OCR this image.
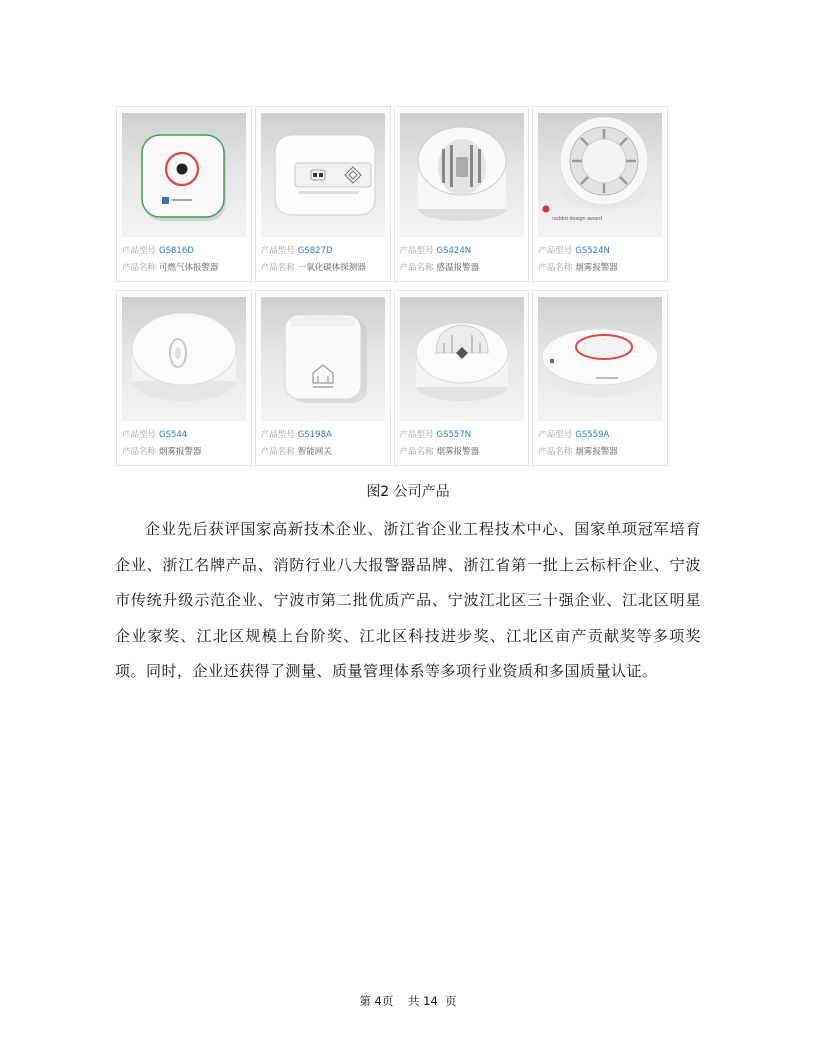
产品型号 GS816D
产品名称 可燃气体报警器
产品型号 GS827D
产品名称 一氧化碳体探测器
产品型号 GS424N
产品名称 感温报警器
reddot design award
产品型号 GS524N
产品名称 烟雾报警器
产品型号 GS544
产品名称 烟雾报警器
产品型号 GS198A
产品名称 智能网关
产品型号 GS557N
产品名称 烟雾报警器
产品型号 GS559A
产品名称 烟雾报警器
图2 公司产品
企业先后获评国家高新技术企业、浙江省企业工程技术中心、国家单项冠军培育企业、浙江名牌产品、消防行业八大报警器品牌、浙江省第一批上云标杆企业、宁波市传统升级示范企业、宁波市第二批优质产品、宁波江北区三十强企业、江北区明星企业家奖、江北区规模上台阶奖、江北区科技进步奖、江北区亩产贡献奖等多项奖项。同时，企业还获得了测量、质量管理体系等多项行业资质和多国质量认证。
第 4页 共 14 页
